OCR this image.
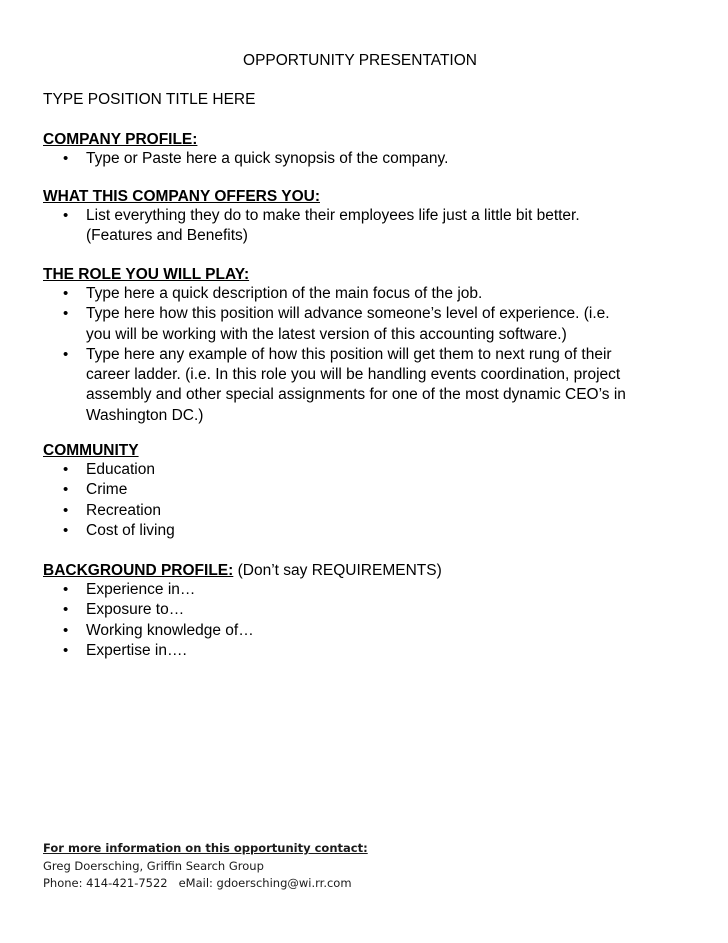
OPPORTUNITY PRESENTATION
TYPE POSITION TITLE HERE
COMPANY PROFILE:
• Type or Paste here a quick synopsis of the company.
WHAT THIS COMPANY OFFERS YOU:
• List everything they do to make their employees life just a little bit better.
(Features and Benefits)
THE ROLE YOU WILL PLAY:
• Type here a quick description of the main focus of the job.
• Type here how this position will advance someone’s level of experience. (i.e.
you will be working with the latest version of this accounting software.)
• Type here any example of how this position will get them to next rung of their
career ladder. (i.e. In this role you will be handling events coordination, project
assembly and other special assignments for one of the most dynamic CEO’s in
Washington DC.)
COMMUNITY
• Education
• Crime
• Recreation
• Cost of living
BACKGROUND PROFILE: (Don’t say REQUIREMENTS)
• Experience in…
• Exposure to…
• Working knowledge of…
• Expertise in….
For more information on this opportunity contact:
Greg Doersching, Griffin Search Group
Phone: 414-421-7522   eMail: gdoersching@wi.rr.com
